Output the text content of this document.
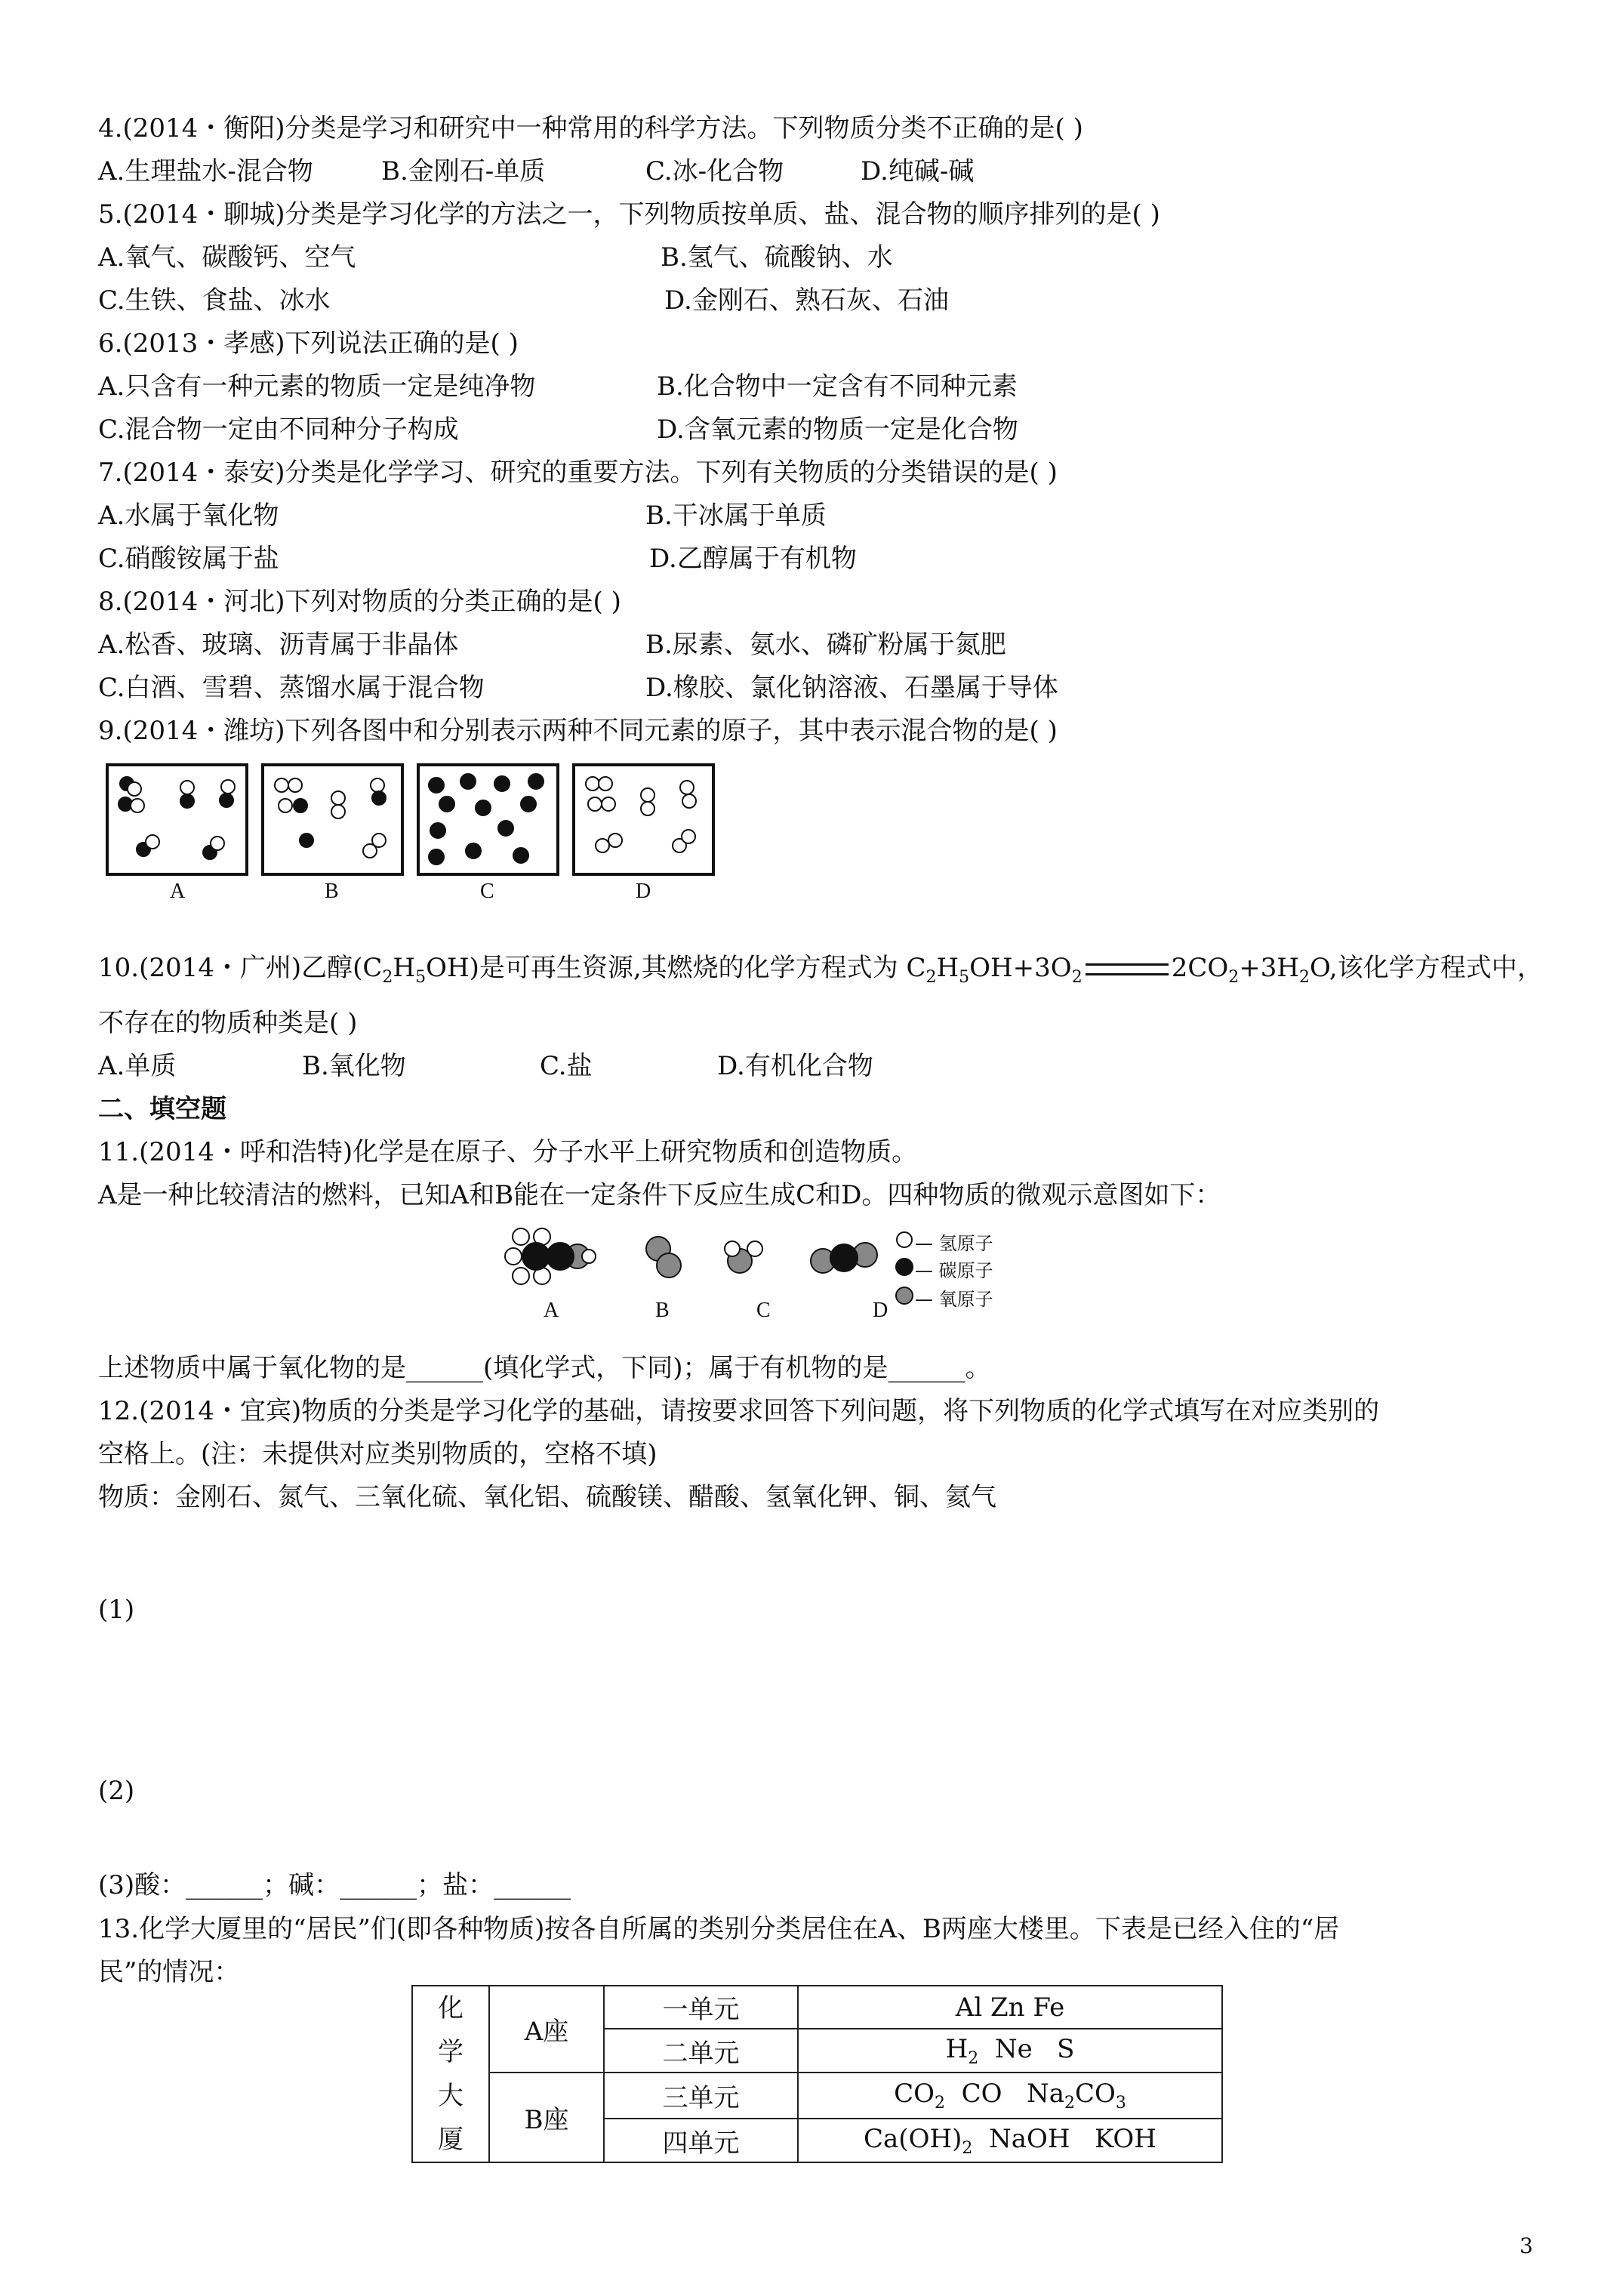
4.(2014・衡阳)分类是学习和研究中一种常用的科学方法。下列物质分类不正确的是( )
A.生理盐水-混合物	B.金刚石-单质	C.冰-化合物	D.纯碱-碱
5.(2014・聊城)分类是学习化学的方法之一，下列物质按单质、盐、混合物的顺序排列的是( )
A.氧气、碳酸钙、空气	B.氢气、硫酸钠、水
C.生铁、食盐、冰水	D.金刚石、熟石灰、石油
6.(2013・孝感)下列说法正确的是( )
A.只含有一种元素的物质一定是纯净物	B.化合物中一定含有不同种元素
C.混合物一定由不同种分子构成	D.含氧元素的物质一定是化合物
7.(2014・泰安)分类是化学学习、研究的重要方法。下列有关物质的分类错误的是( )
A.水属于氧化物	B.干冰属于单质
C.硝酸铵属于盐	D.乙醇属于有机物
8.(2014・河北)下列对物质的分类正确的是( )
A.松香、玻璃、沥青属于非晶体	B.尿素、氨水、磷矿粉属于氮肥
C.白酒、雪碧、蒸馏水属于混合物	D.橡胶、氯化钠溶液、石墨属于导体
9.(2014・潍坊)下列各图中和分别表示两种不同元素的原子，其中表示混合物的是( )
A	B	C	D
10.(2014・广州)乙醇$(C_2H_5OH)$是可再生资源,其燃烧的化学方程式为 $C_2H_5OH+3O_2$	$2CO_2+3H_2O$,该化学方程式中，
不存在的物质种类是( )
A.单质	B.氧化物	C.盐	D.有机化合物
二、填空题
11.(2014・呼和浩特)化学是在原子、分子水平上研究物质和创造物质。
A是一种比较清洁的燃料，已知A和B能在一定条件下反应生成C和D。四种物质的微观示意图如下：
A	B	C	D
— 氢原子
— 碳原子
— 氧原子
上述物质中属于氧化物的是______(填化学式，下同)；属于有机物的是______。
12.(2014・宜宾)物质的分类是学习化学的基础，请按要求回答下列问题，将下列物质的化学式填写在对应类别的
空格上。(注：未提供对应类别物质的，空格不填)
物质：金刚石、氮气、三氧化硫、氧化铝、硫酸镁、醋酸、氢氧化钾、铜、氦气
(1)
(2)
(3)酸：______；碱：______；盐：______
13.化学大厦里的“居民”们(即各种物质)按各自所属的类别分类居住在A、B两座大楼里。下表是已经入住的“居
民”的情况：
化
学
大
厦	A座	一单元	Al Zn Fe
		二单元	$H_2$  Ne   S
	B座	三单元	$CO_2$  CO   $Na_2CO_3$
		四单元	$Ca(OH)_2$  NaOH   KOH
3
